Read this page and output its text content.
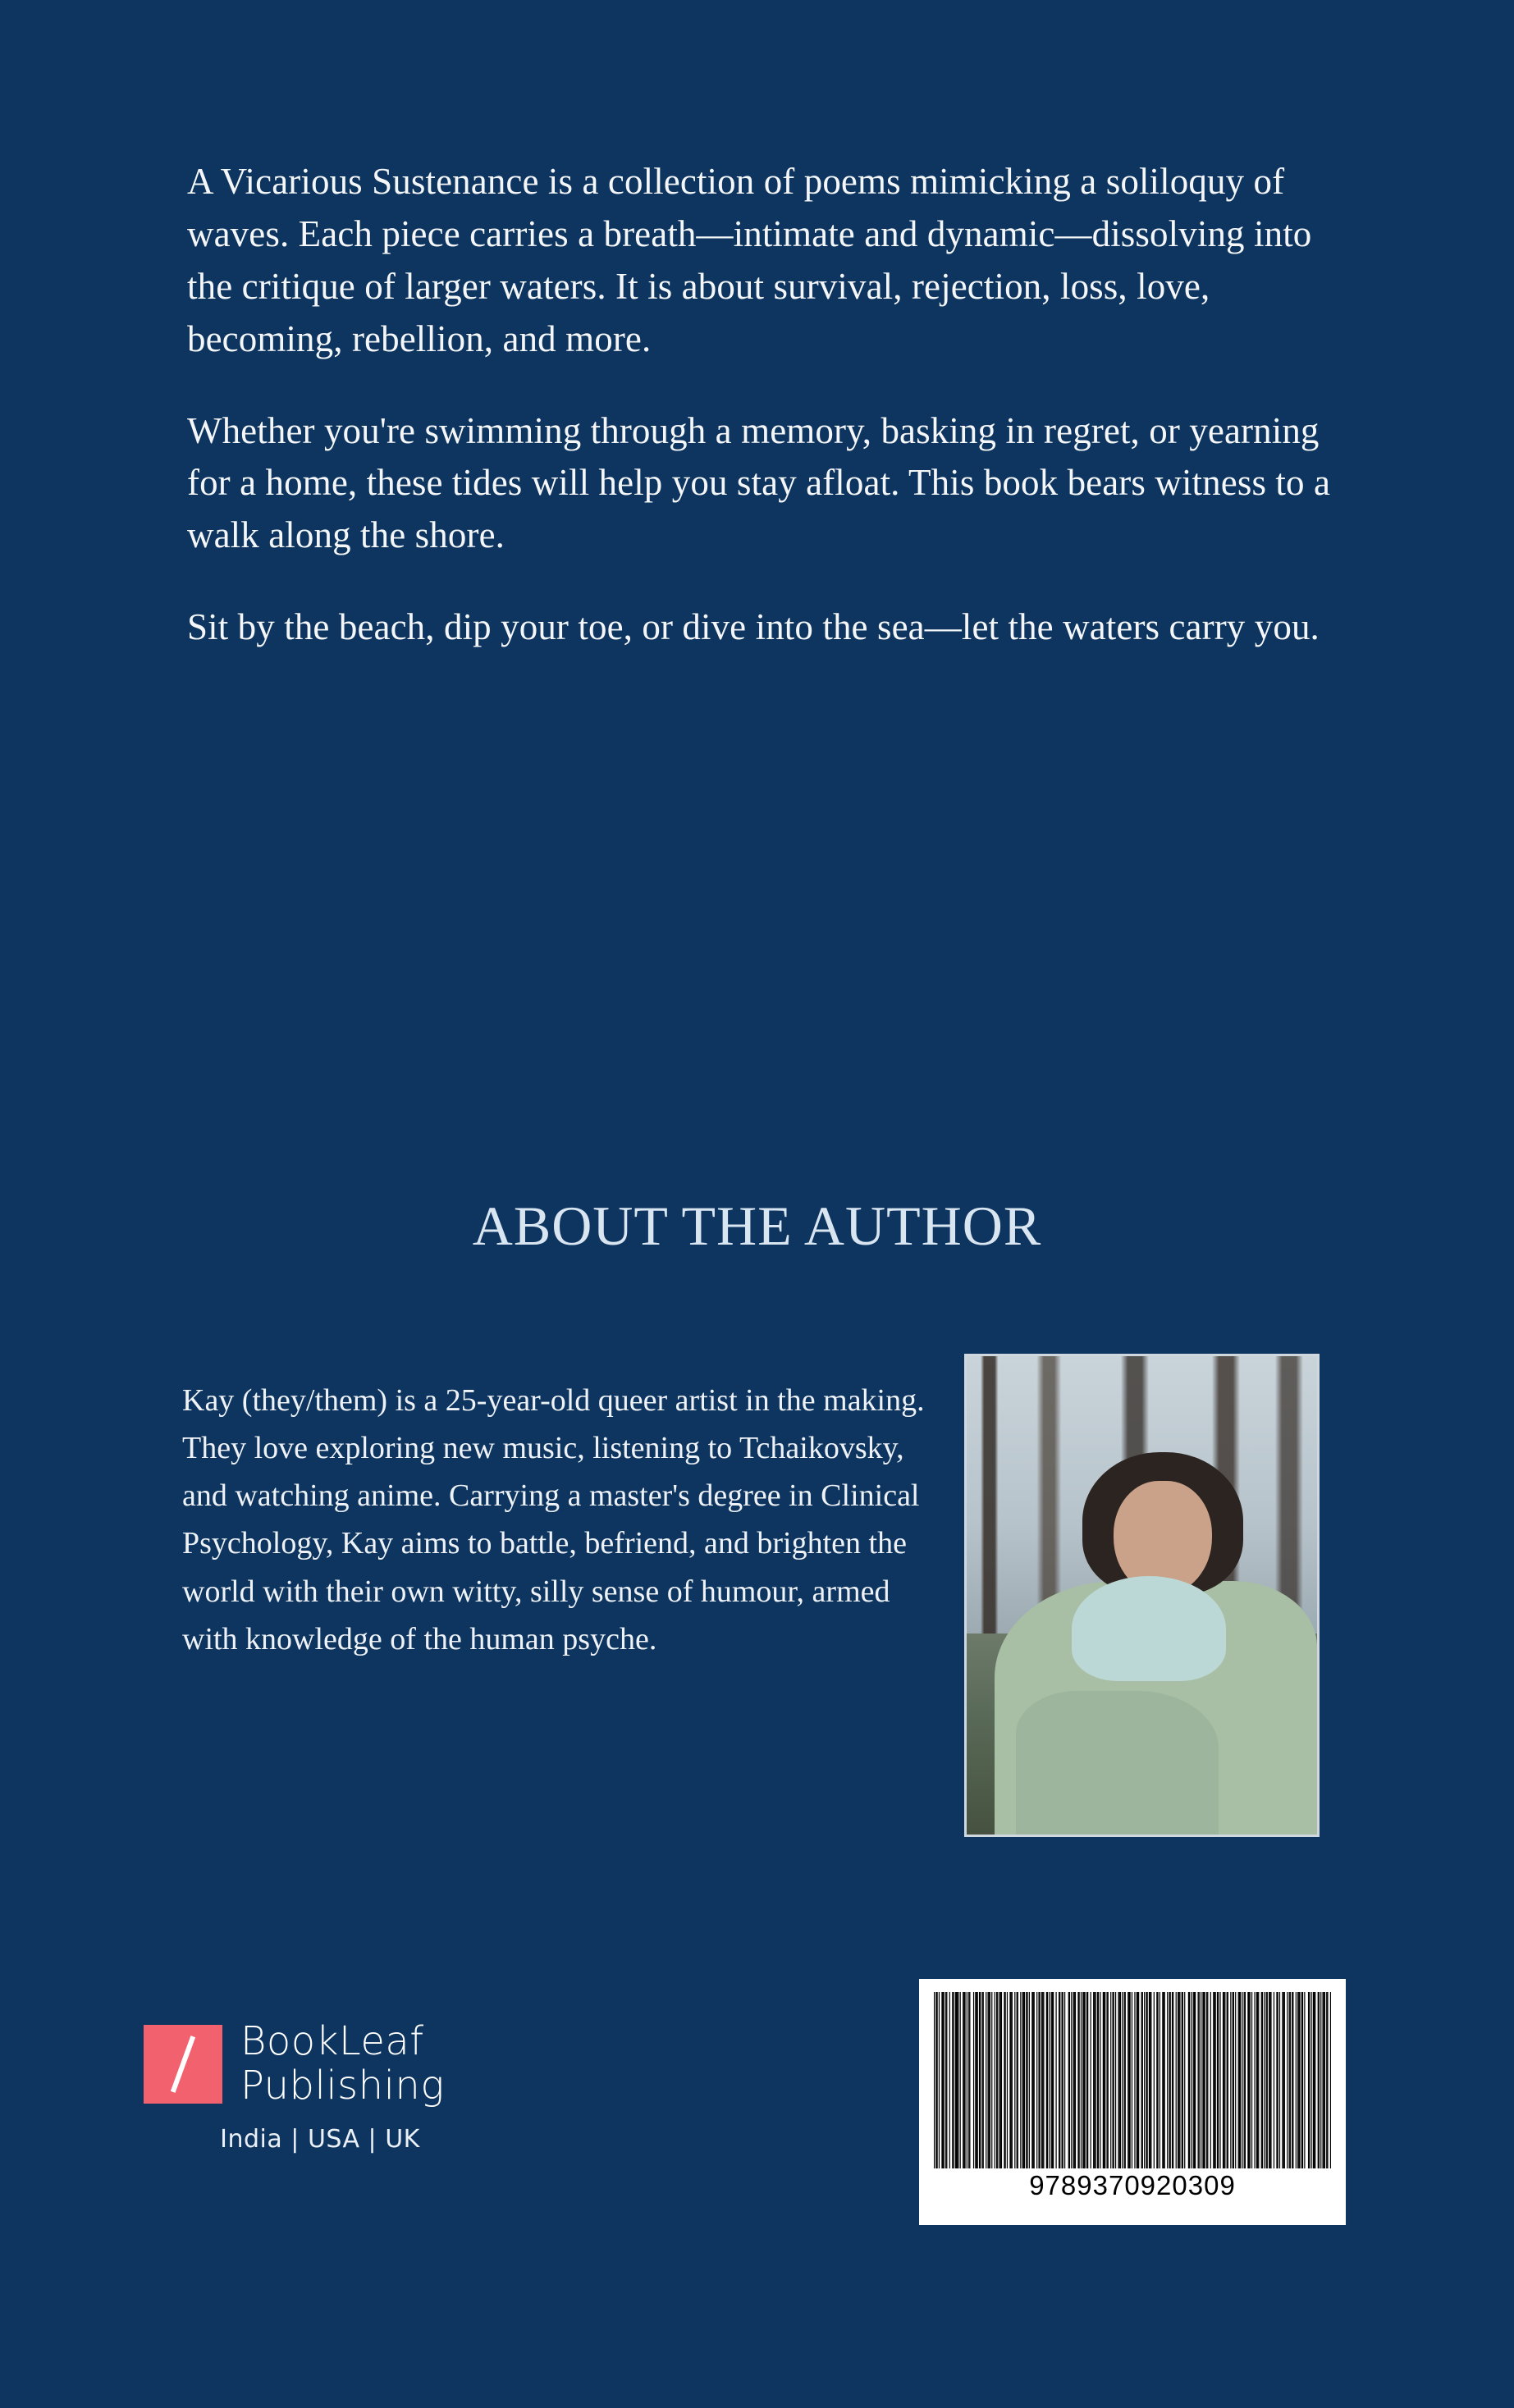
A Vicarious Sustenance is a collection of poems mimicking a soliloquy of waves. Each piece carries a breath—intimate and dynamic—dissolving into the critique of larger waters. It is about survival, rejection, loss, love, becoming, rebellion, and more.

Whether you're swimming through a memory, basking in regret, or yearning for a home, these tides will help you stay afloat. This book bears witness to a walk along the shore.

Sit by the beach, dip your toe, or dive into the sea—let the waters carry you.

ABOUT THE AUTHOR
Kay (they/them) is a 25-year-old queer artist in the making. They love exploring new music, listening to Tchaikovsky, and watching anime. Carrying a master's degree in Clinical Psychology, Kay aims to battle, befriend, and brighten the world with their own witty, silly sense of humour, armed with knowledge of the human psyche.
BookLeaf
Publishing
India | USA | UK
9789370920309
